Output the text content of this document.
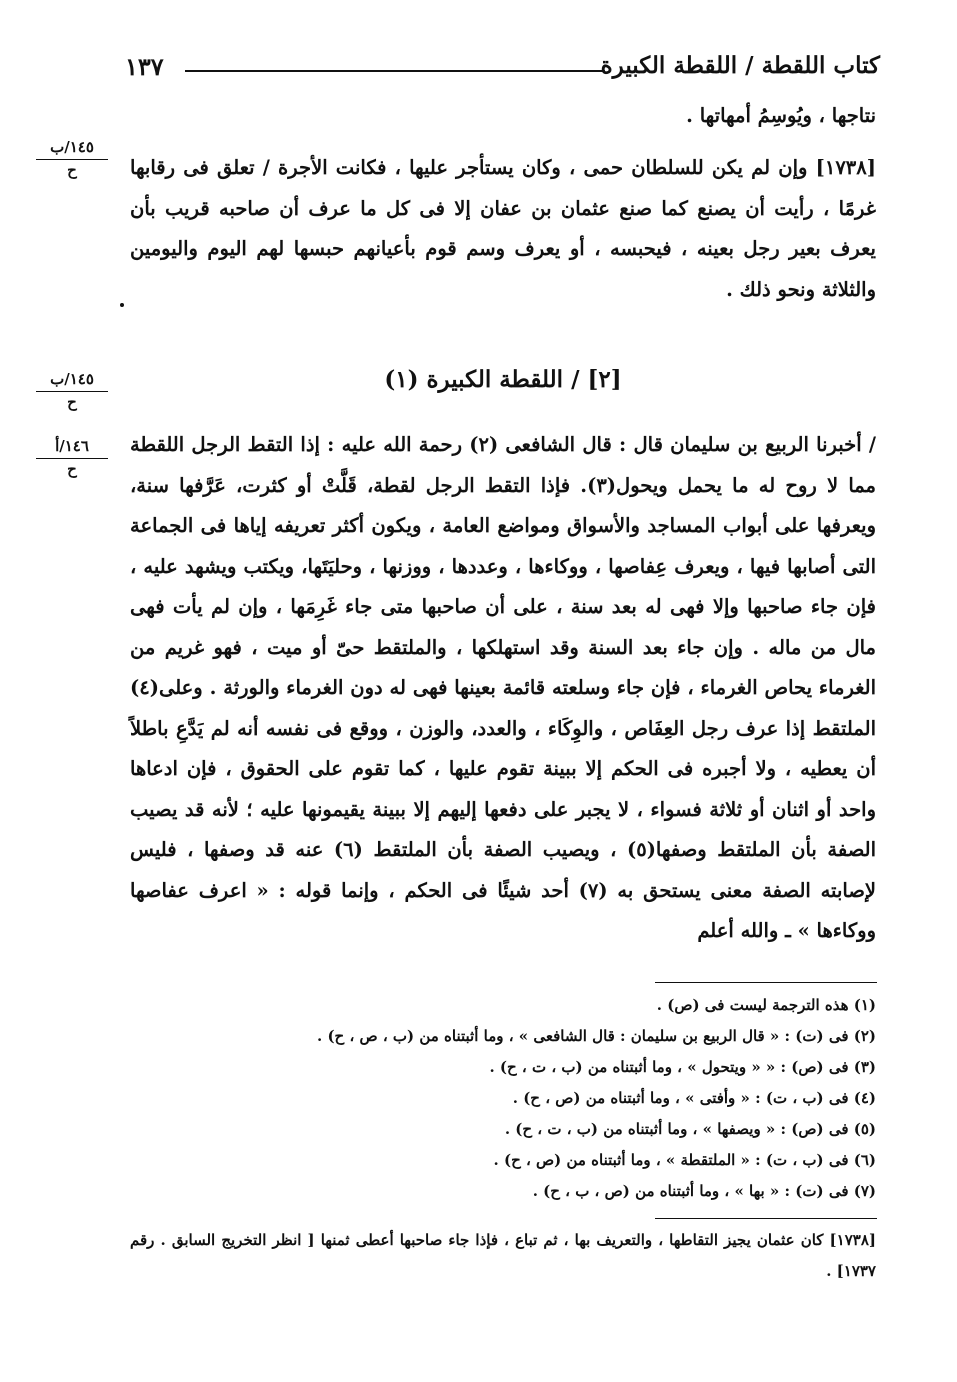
كتاب اللقطة / اللقطة الكبيرة
١٣٧
١٤٥/ب
ح
١٤٥/ب
ح
١٤٦/أ
ح
نتاجها ، ويُوسِمُ أمهاتها .
[١٧٣٨] وإن لم يكن للسلطان حمى ، وكان يستأجر عليها ، فكانت الأجرة / تعلق فى رقابها غرمًا ، رأيت أن يصنع كما صنع عثمان بن عفان إلا فى كل ما عرف أن صاحبه قريب بأن يعرف بعير رجل بعينه ، فيحبسه ، أو يعرف وسم قوم بأعيانهم حبسها لهم اليوم واليومين والثلاثة ونحو ذلك .
[٢] / اللقطة الكبيرة (١)
/ أخبرنا الربيع بن سليمان قال : قال الشافعى (٢) رحمة الله عليه : إذا التقط الرجل اللقطة مما لا روح له ما يحمل ويحول(٣). فإذا التقط الرجل لقطة، قَلَّتْ أو كثرت، عَرَّفها سنة، ويعرفها على أبواب المساجد والأسواق ومواضع العامة ، ويكون أكثر تعريفه إياها فى الجماعة التى أصابها فيها ، ويعرف عِفاصها ، ووكاءها ، وعددها ، ووزنها ، وحليَتَها، ويكتب ويشهد عليه ، فإن جاء صاحبها وإلا فهى له بعد سنة ، على أن صاحبها متى جاء غَرِمَها ، وإن لم يأت فهى مال من ماله . وإن جاء بعد السنة وقد استهلكها ، والملتقط حىّ أو ميت ، فهو غريم من الغرماء يحاص الغرماء ، فإن جاء وسلعته قائمة بعينها فهى له دون الغرماء والورثة . وعلى(٤) الملتقط إذا عرف رجل العِفَاص ، والوِكَاء ، والعدد، والوزن ، ووقع فى نفسه أنه لم يَدَّعِ باطلاً أن يعطيه ، ولا أجبره فى الحكم إلا ببينة تقوم عليها ، كما تقوم على الحقوق ، فإن ادعاها واحد أو اثنان أو ثلاثة فسواء ، لا يجبر على دفعها إليهم إلا ببينة يقيمونها عليه ؛ لأنه قد يصيب الصفة بأن الملتقط وصفها(٥) ، ويصيب الصفة بأن الملتقط (٦) عنه قد وصفها ، فليس لإصابته الصفة معنى يستحق به (٧) أحد شيئًا فى الحكم ، وإنما قوله : « اعرف عفاصها ووكاءها » ـ والله أعلم
(١) هذه الترجمة ليست فى (ص) .
(٢) فى (ت) : « قال الربيع بن سليمان : قال الشافعى » ، وما أثبتناه من (ب ، ص ، ح) .
(٣) فى (ص) : « « ويتحول » ، وما أثبتناه من (ب ، ت ، ح) .
(٤) فى (ب ، ت) : « وأفتى » ، وما أثبتناه من (ص ، ح) .
(٥) فى (ص) : « ويصفها » ، وما أثبتناه من (ب ، ت ، ح) .
(٦) فى (ب ، ت) : « الملتقطة » ، وما أثبتناه من (ص ، ح) .
(٧) فى (ت) : « بها » ، وما أثبتناه من (ص ، ب ، ح) .
[١٧٣٨] كان عثمان يجيز التقاطها ، والتعريف بها ، ثم تباع ، فإذا جاء صاحبها أعطى ثمنها [ انظر التخريج السابق . رقم ١٧٣٧] .
